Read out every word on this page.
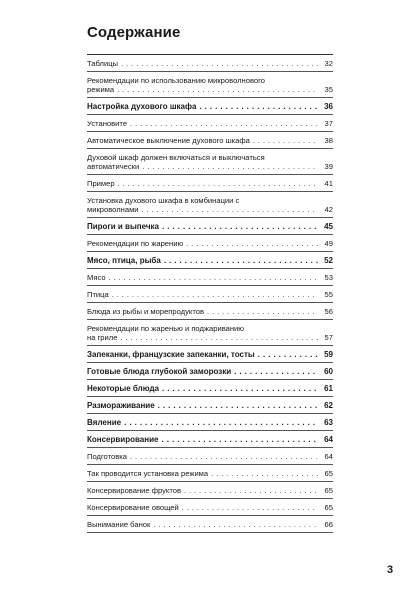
Содержание
Таблицы . . .	32
Рекомендации по использованию микроволнового
режима . . .	35
Настройка духового шкафа . . .	36
Установите . . .	37
Автоматическое выключение духового шкафа . . .	38
Духовой шкаф должен включаться и выключаться
автоматически . . .	39
Пример . . .	41
Установка духового шкафа в комбинации с
микроволнами . . .	42
Пироги и выпечка . . .	45
Рекомендации по жарению . . .	49
Мясо, птица, рыба . . .	52
Мясо . . .	53
Птица . . .	55
Блюда из рыбы и морепродуктов . . .	56
Рекомендации по жаренью и поджариванию
на гриле . . .	57
Запеканки, французские запеканки, тосты . . .	59
Готовые блюда глубокой заморозки . . .	60
Некоторые блюда . . .	61
Размораживание . . .	62
Вяление . . .	63
Консервирование . . .	64
Подготовка . . .	64
Так проводится установка режима . . .	65
Консервирование фруктов . . .	65
Консервирование овощей . . .	65
Вынимание банок . . .	66
3
